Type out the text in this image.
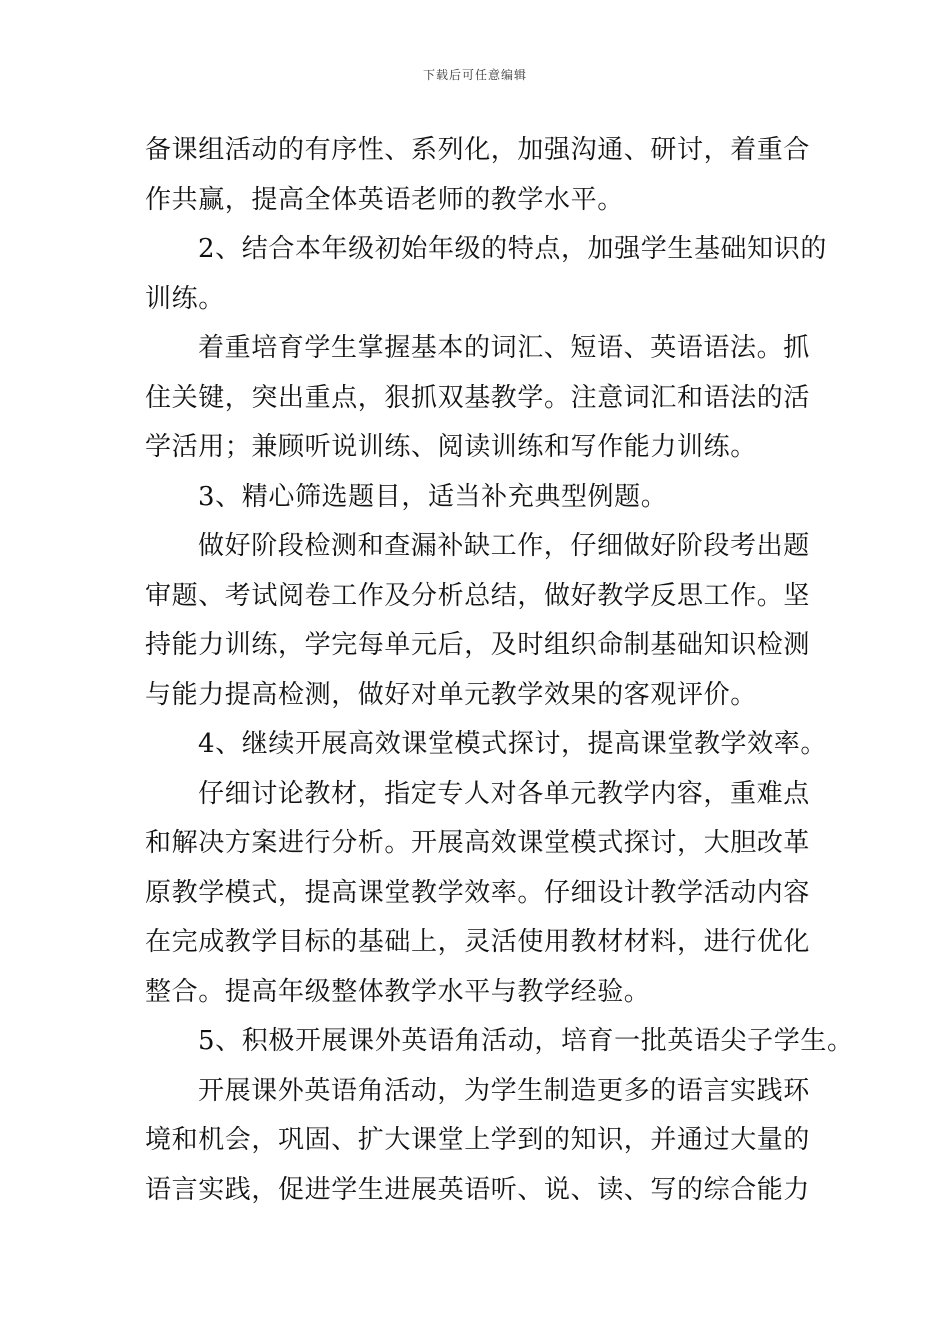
下载后可任意编辑
备课组活动的有序性、系列化，加强沟通、研讨，着重合
作共赢，提高全体英语老师的教学水平。
2、结合本年级初始年级的特点，加强学生基础知识的
训练。
着重培育学生掌握基本的词汇、短语、英语语法。抓
住关键，突出重点，狠抓双基教学。注意词汇和语法的活
学活用；兼顾听说训练、阅读训练和写作能力训练。
3、精心筛选题目，适当补充典型例题。
做好阶段检测和查漏补缺工作，仔细做好阶段考出题
审题、考试阅卷工作及分析总结，做好教学反思工作。坚
持能力训练，学完每单元后，及时组织命制基础知识检测
与能力提高检测，做好对单元教学效果的客观评价。
4、继续开展高效课堂模式探讨，提高课堂教学效率。
仔细讨论教材，指定专人对各单元教学内容，重难点
和解决方案进行分析。开展高效课堂模式探讨，大胆改革
原教学模式，提高课堂教学效率。仔细设计教学活动内容
在完成教学目标的基础上，灵活使用教材材料，进行优化
整合。提高年级整体教学水平与教学经验。
5、积极开展课外英语角活动，培育一批英语尖子学生。
开展课外英语角活动，为学生制造更多的语言实践环
境和机会，巩固、扩大课堂上学到的知识，并通过大量的
语言实践，促进学生进展英语听、说、读、写的综合能力
